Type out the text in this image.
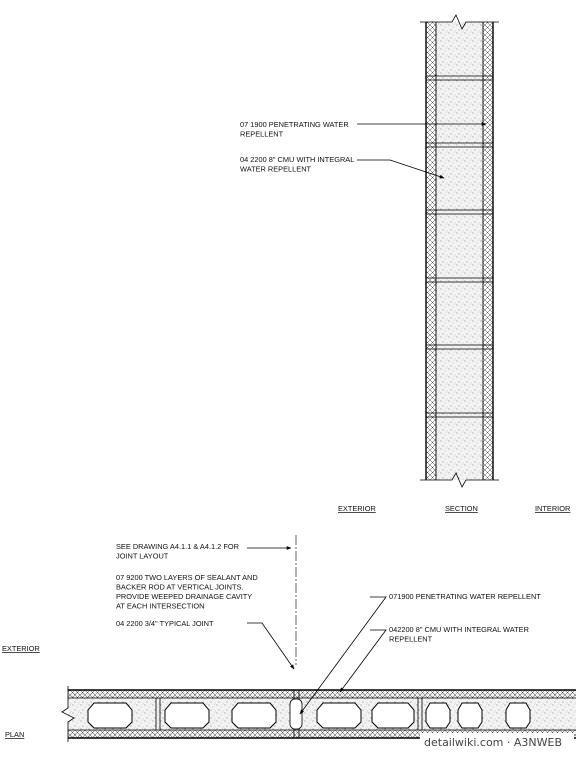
07 1900 PENETRATING WATER REPELLENT
04 2200 8" CMU WITH INTEGRAL WATER REPELLENT
EXTERIOR	SECTION	INTERIOR
SEE DRAWING A4.1.1 & A4.1.2 FOR JOINT LAYOUT
07 9200 TWO LAYERS OF SEALANT AND BACKER ROD AT VERTICAL JOINTS. PROVIDE WEEPED DRAINAGE CAVITY AT EACH INTERSECTION
04 2200 3/4" TYPICAL JOINT
071900 PENETRATING WATER REPELLENT
042200 8" CMU WITH INTEGRAL WATER REPELLENT
EXTERIOR
PLAN
detailwiki.com · A3NWEB
